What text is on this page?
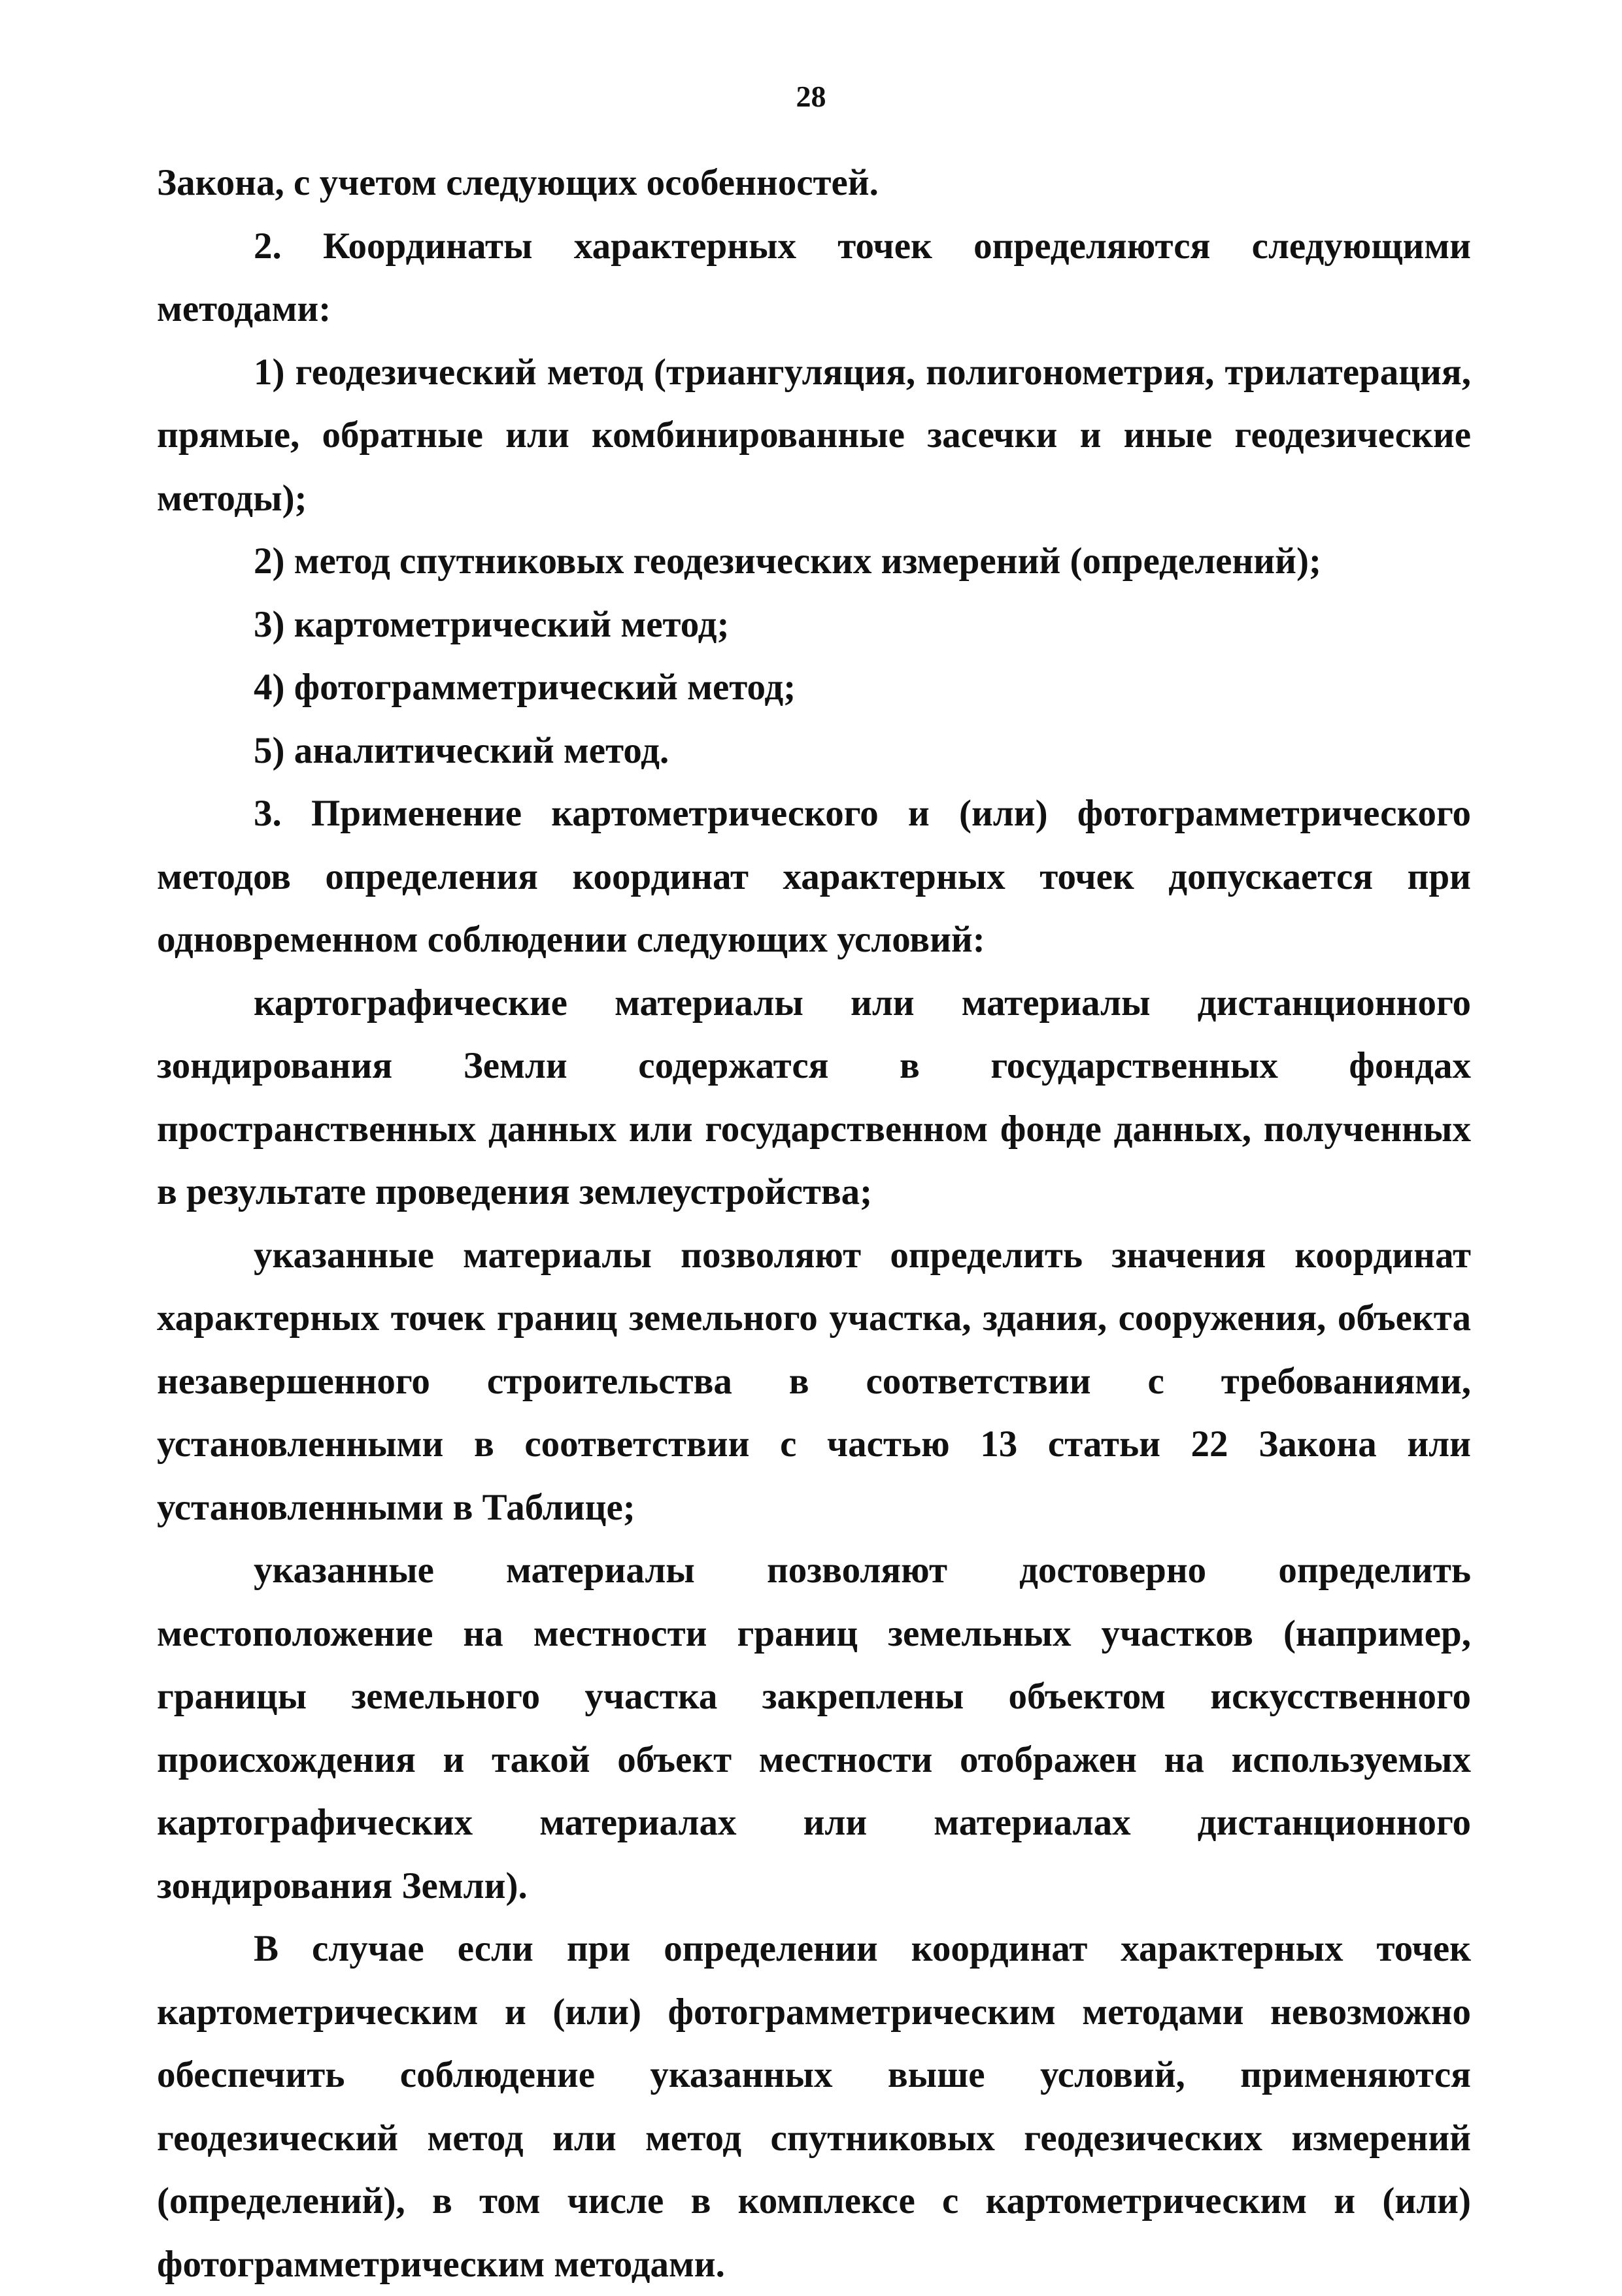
28

Закона, с учетом следующих особенностей.

2. Координаты характерных точек определяются следующими методами:

1) геодезический метод (триангуляция, полигонометрия, трилатерация, прямые, обратные или комбинированные засечки и иные геодезические методы);

2) метод спутниковых геодезических измерений (определений);

3) картометрический метод;

4) фотограмметрический метод;

5) аналитический метод.

3. Применение картометрического и (или) фотограмметрического методов определения координат характерных точек допускается при одновременном соблюдении следующих условий:

картографические материалы или материалы дистанционного зондирования Земли содержатся в государственных фондах пространственных данных или государственном фонде данных, полученных в результате проведения землеустройства;

указанные материалы позволяют определить значения координат характерных точек границ земельного участка, здания, сооружения, объекта незавершенного строительства в соответствии с требованиями, установленными в соответствии с частью 13 статьи 22 Закона или установленными в Таблице;

указанные материалы позволяют достоверно определить местоположение на местности границ земельных участков (например, границы земельного участка закреплены объектом искусственного происхождения и такой объект местности отображен на используемых картографических материалах или материалах дистанционного зондирования Земли).

В случае если при определении координат характерных точек картометрическим и (или) фотограмметрическим методами невозможно обеспечить соблюдение указанных выше условий, применяются геодезический метод или метод спутниковых геодезических измерений (определений), в том числе в комплексе с картометрическим и (или) фотограмметрическим методами.
